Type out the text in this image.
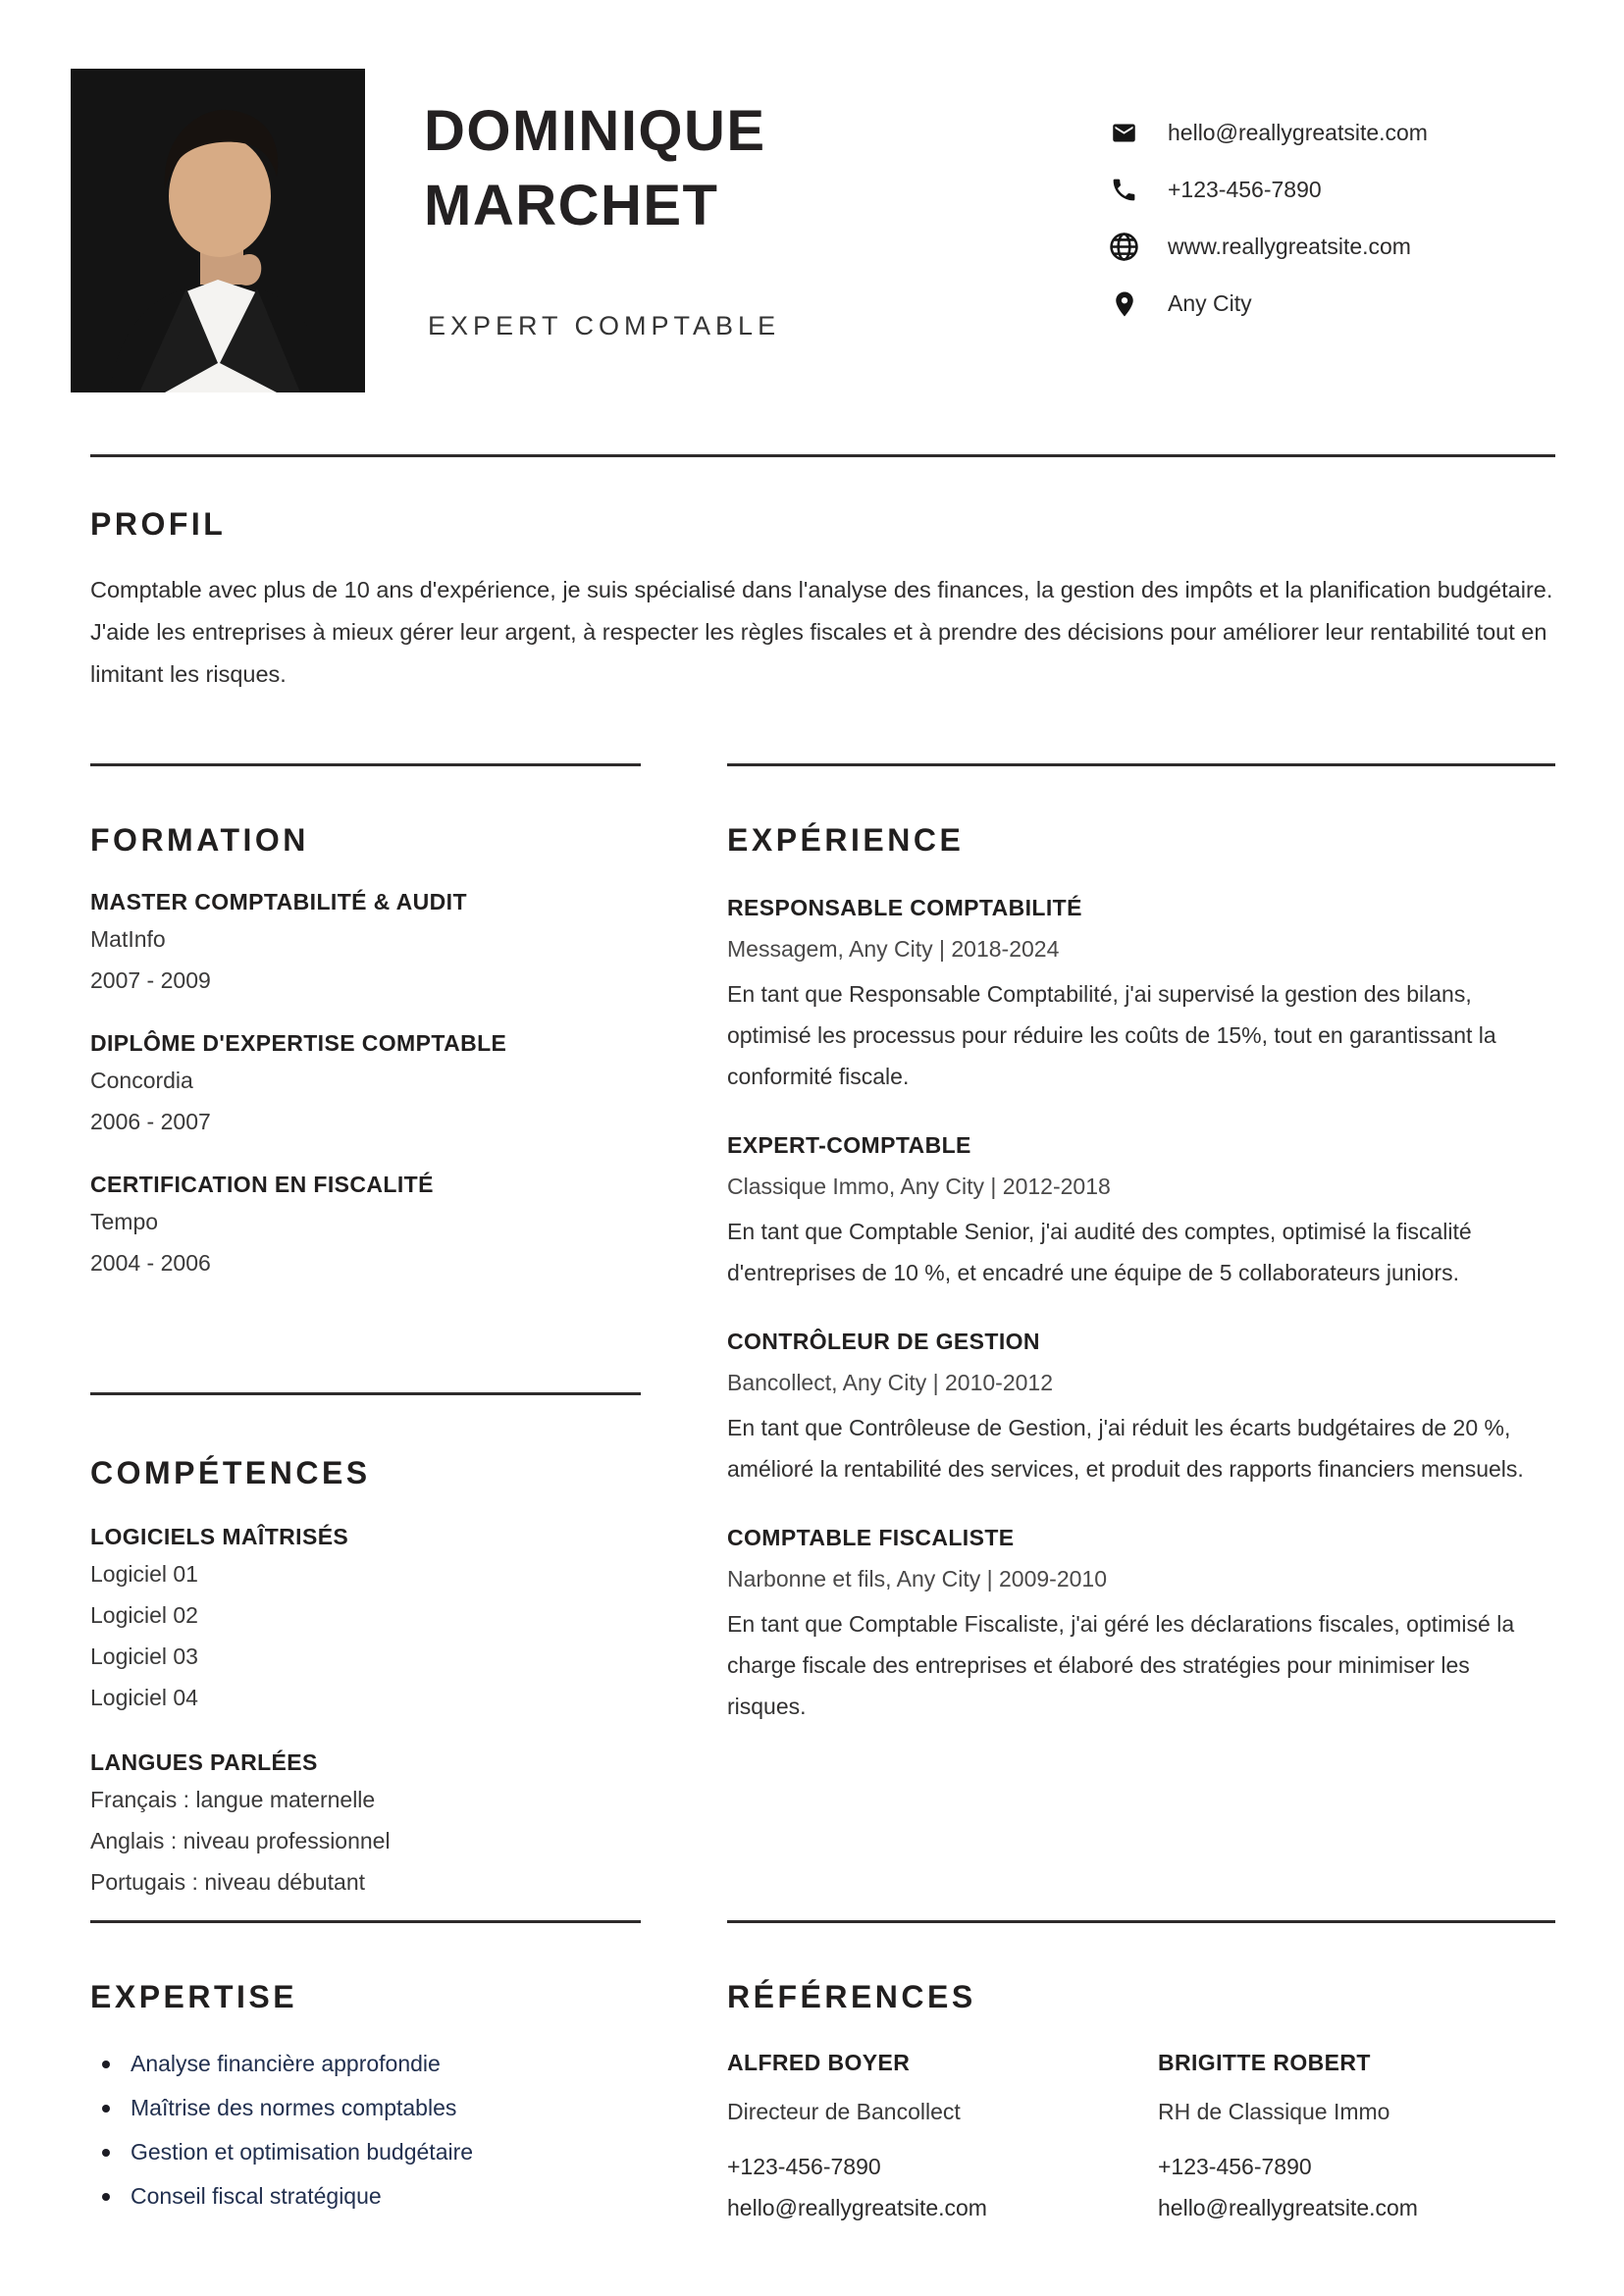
DOMINIQUE
MARCHET
EXPERT COMPTABLE
hello@reallygreatsite.com
+123-456-7890
www.reallygreatsite.com
Any City
PROFIL
Comptable avec plus de 10 ans d'expérience, je suis spécialisé dans l'analyse des finances, la gestion des impôts et la planification budgétaire. J'aide les entreprises à mieux gérer leur argent, à respecter les règles fiscales et à prendre des décisions pour améliorer leur rentabilité tout en limitant les risques.
FORMATION
MASTER COMPTABILITÉ & AUDIT
MatInfo
2007 - 2009
DIPLÔME D'EXPERTISE COMPTABLE
Concordia
2006 - 2007
CERTIFICATION EN FISCALITÉ
Tempo
2004 - 2006
COMPÉTENCES
LOGICIELS MAÎTRISÉS
Logiciel 01
Logiciel 02
Logiciel 03
Logiciel 04
LANGUES PARLÉES
Français : langue maternelle
Anglais : niveau professionnel
Portugais : niveau débutant
EXPERTISE
Analyse financière approfondie
Maîtrise des normes comptables
Gestion et optimisation budgétaire
Conseil fiscal stratégique
EXPÉRIENCE
RESPONSABLE COMPTABILITÉ
Messagem, Any City | 2018-2024
En tant que Responsable Comptabilité, j'ai supervisé la gestion des bilans, optimisé les processus pour réduire les coûts de 15%, tout en garantissant la conformité fiscale.
EXPERT-COMPTABLE
Classique Immo, Any City | 2012-2018
En tant que Comptable Senior, j'ai audité des comptes, optimisé la fiscalité d'entreprises de 10 %, et encadré une équipe de 5 collaborateurs juniors.
CONTRÔLEUR DE GESTION
Bancollect, Any City | 2010-2012
En tant que Contrôleuse de Gestion, j'ai réduit les écarts budgétaires de 20 %, amélioré la rentabilité des services, et produit des rapports financiers mensuels.
COMPTABLE FISCALISTE
Narbonne et fils, Any City | 2009-2010
En tant que Comptable Fiscaliste, j'ai géré les déclarations fiscales, optimisé la charge fiscale des entreprises et élaboré des stratégies pour minimiser les risques.
RÉFÉRENCES
ALFRED BOYER
Directeur de Bancollect
+123-456-7890
hello@reallygreatsite.com
BRIGITTE ROBERT
RH de Classique Immo
+123-456-7890
hello@reallygreatsite.com
